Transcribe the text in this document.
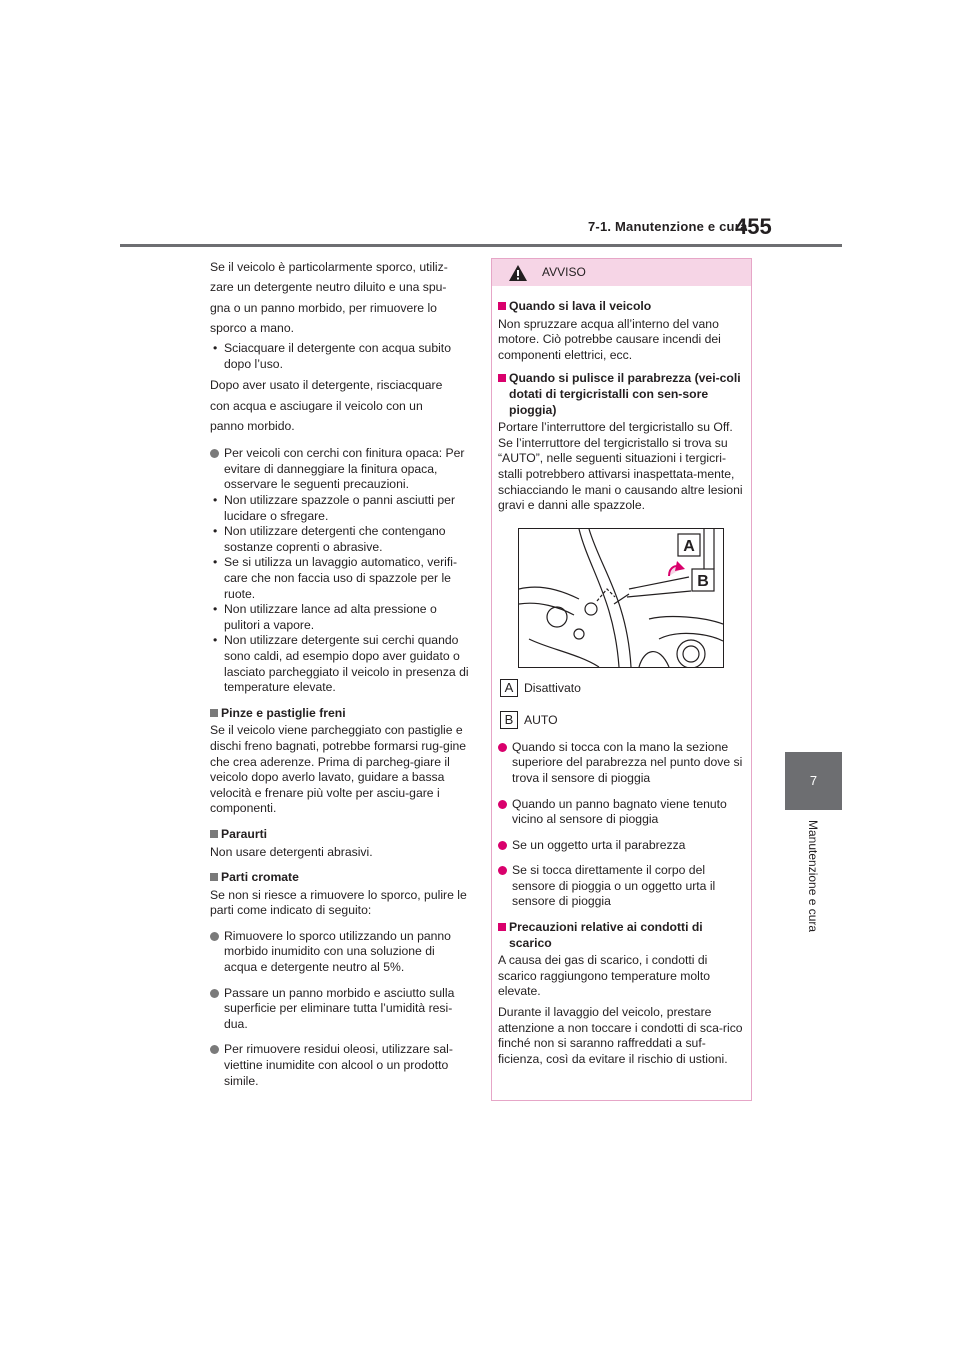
7-1. Manutenzione e cura
455
7
Manutenzione e cura

Se il veicolo è particolarmente sporco, utiliz-

zare un detergente neutro diluito e una spu-

gna o un panno morbido, per rimuovere lo

sporco a mano.

• Sciacquare il detergente con acqua subito dopo l’uso.

Dopo aver usato il detergente, risciacquare

con acqua e asciugare il veicolo con un

panno morbido.

Per veicoli con cerchi con finitura opaca: Per evitare di danneggiare la finitura opaca, osservare le seguenti precauzioni.

• Non utilizzare spazzole o panni asciutti per lucidare o sfregare.

• Non utilizzare detergenti che contengano sostanze coprenti o abrasive.

• Se si utilizza un lavaggio automatico, verifi-care che non faccia uso di spazzole per le ruote.

• Non utilizzare lance ad alta pressione o pulitori a vapore.

• Non utilizzare detergente sui cerchi quando sono caldi, ad esempio dopo aver guidato o lasciato parcheggiato il veicolo in presenza di temperature elevate.

Pinze e pastiglie freni

Se il veicolo viene parcheggiato con pastiglie e dischi freno bagnati, potrebbe formarsi rug-gine che crea aderenze. Prima di parcheg-giare il veicolo dopo averlo lavato, guidare a bassa velocità e frenare più volte per asciu-gare i componenti.

Paraurti

Non usare detergenti abrasivi.

Parti cromate

Se non si riesce a rimuovere lo sporco, pulire le parti come indicato di seguito:

Rimuovere lo sporco utilizzando un panno morbido inumidito con una soluzione di acqua e detergente neutro al 5%.
Passare un panno morbido e asciutto sulla superficie per eliminare tutta l’umidità resi-dua.
Per rimuovere residui oleosi, utilizzare sal-viettine inumidite con alcool o un prodotto simile.
AVVISO
Quando si lava il veicolo

Non spruzzare acqua all’interno del vano motore. Ciò potrebbe causare incendi dei componenti elettrici, ecc.

Quando si pulisce il parabrezza (vei-coli dotati di tergicristalli con sen-sore pioggia)

Portare l’interruttore del tergicristallo su Off.

Se l’interruttore del tergicristallo si trova su “AUTO”, nelle seguenti situazioni i tergicri-stalli potrebbero attivarsi inaspettata-mente, schiacciando le mani o causando altre lesioni gravi e danni alle spazzole.

A
B
A Disattivato
B AUTO
Quando si tocca con la mano la sezione superiore del parabrezza nel punto dove si trova il sensore di pioggia
Quando un panno bagnato viene tenuto vicino al sensore di pioggia
Se un oggetto urta il parabrezza
Se si tocca direttamente il corpo del sensore di pioggia o un oggetto urta il sensore di pioggia
Precauzioni relative ai condotti di scarico

A causa dei gas di scarico, i condotti di scarico raggiungono temperature molto elevate.

Durante il lavaggio del veicolo, prestare attenzione a non toccare i condotti di sca-rico finché non si saranno raffreddati a suf-ficienza, così da evitare il rischio di ustioni.
